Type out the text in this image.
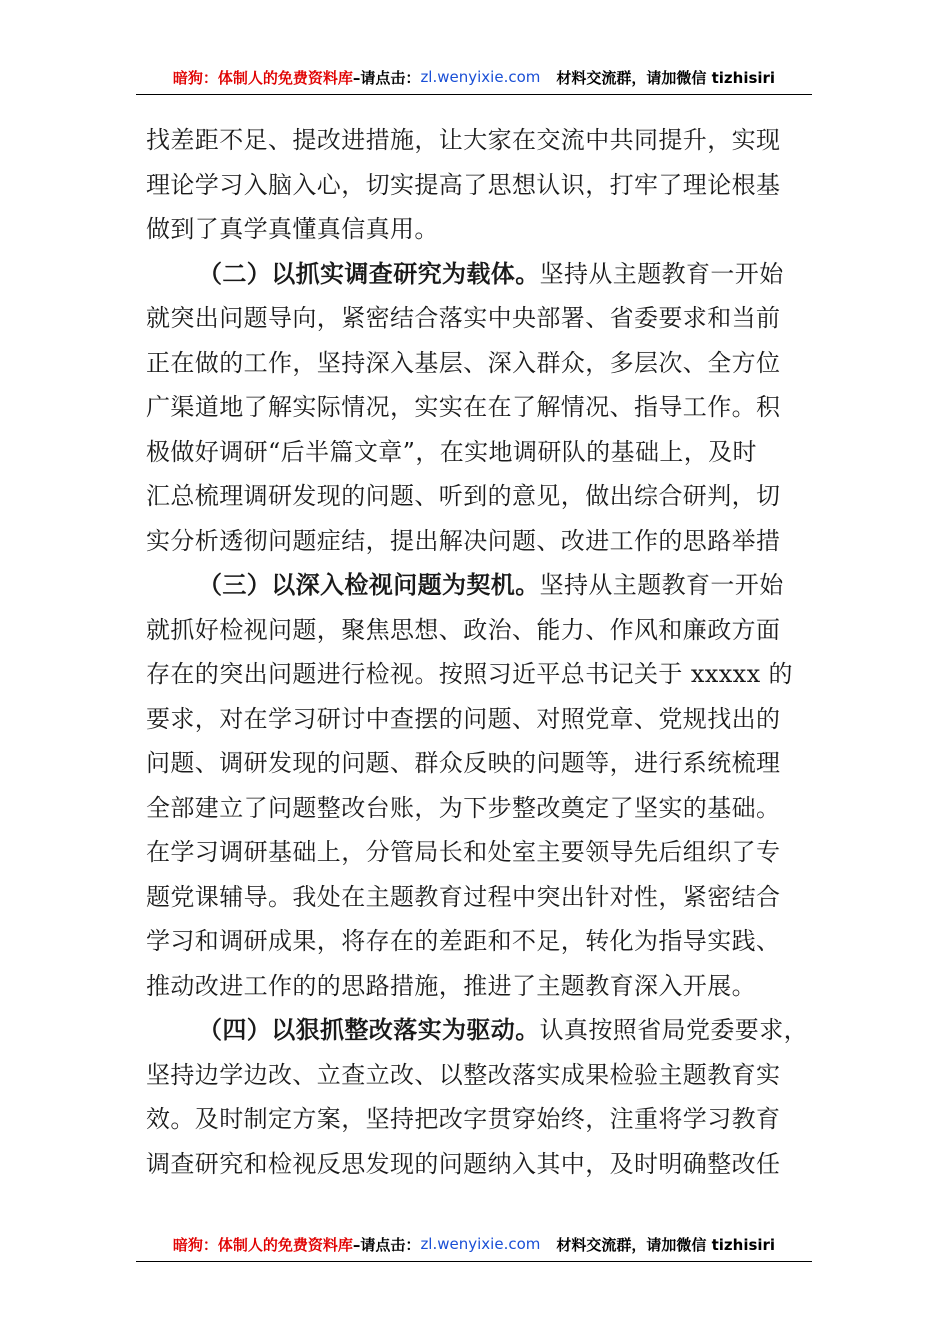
暗狗：体制人的免费资料库 –请点击： zl.wenyixie.com 材料交流群，请加微信 tizhisiri
找差距不足、提改进措施，让大家在交流中共同提升，实现
理论学习入脑入心，切实提高了思想认识，打牢了理论根基
做到了真学真懂真信真用。
（二）以抓实调查研究为载体。坚持从主题教育一开始
就突出问题导向，紧密结合落实中央部署、省委要求和当前
正在做的工作，坚持深入基层、深入群众，多层次、全方位
广渠道地了解实际情况，实实在在了解情况、指导工作。积
极做好调研“后半篇文章”，在实地调研队的基础上，及时
汇总梳理调研发现的问题、听到的意见，做出综合研判，切
实分析透彻问题症结，提出解决问题、改进工作的思路举措
（三）以深入检视问题为契机。坚持从主题教育一开始
就抓好检视问题，聚焦思想、政治、能力、作风和廉政方面
存在的突出问题进行检视。按照习近平总书记关于 xxxxx 的
要求，对在学习研讨中查摆的问题、对照党章、党规找出的
问题、调研发现的问题、群众反映的问题等，进行系统梳理
全部建立了问题整改台账，为下步整改奠定了坚实的基础。
在学习调研基础上，分管局长和处室主要领导先后组织了专
题党课辅导。我处在主题教育过程中突出针对性，紧密结合
学习和调研成果，将存在的差距和不足，转化为指导实践、
推动改进工作的的思路措施，推进了主题教育深入开展。
（四）以狠抓整改落实为驱动。认真按照省局党委要求，
坚持边学边改、立查立改、以整改落实成果检验主题教育实
效。及时制定方案，坚持把改字贯穿始终，注重将学习教育
调查研究和检视反思发现的问题纳入其中，及时明确整改任
暗狗：体制人的免费资料库 –请点击： zl.wenyixie.com 材料交流群，请加微信 tizhisiri
